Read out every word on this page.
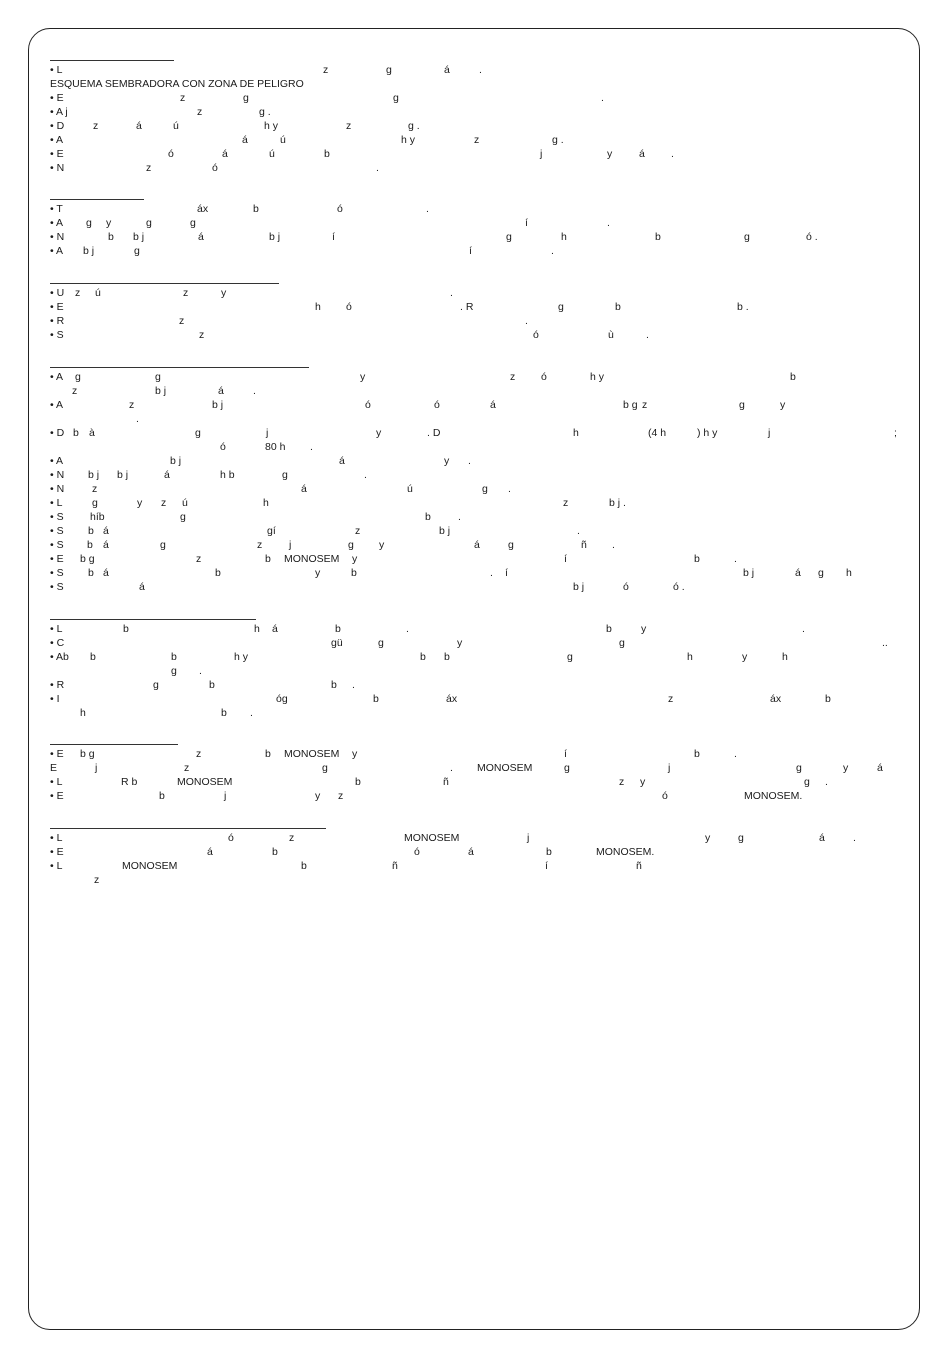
• L	z	g	á	.
ESQUEMA SEMBRADORA CON ZONA DE PELIGRO
• E	z	g	g	.
• A j	z	g .
• D	z	á	ú	h y	z	g .
• A	á	ú	h y	z	g .
• E	ó	á	ú	b	j	y	á .
• N	z	ó	.
• T	áx	b	ó	.
• A g y	g	g	í	.
• N	b b j	á	b j	í	g	h	b	g	ó .
• A b j	g	í	.
• U z ú	z	y	.
• E	h ó	. R	g	b	b .
• R	z	.
• S	z	ó	ù	.
• A g	g	y	z ó	h y	b
z	b j	á	.
• A	z	b j	ó	ó	á	b g z	g	y
.
• D b à	g	j	y	. D	h	(4 h	) h y	j	;
ó	80 h .
• A	b j	á	y .
• N b j b j	á	h b	g	.
• N	z	á	ú	g .
• L	g	y z ú	h	z	b j .
• S	híb	g	b	.
• S b á	gí	z	b j	.
• S b á	g	z	j	g y	á	g	ñ .
• E b g	z	b MONOSEM y	í	b	.
• S b á	b	y	b	í	b j	á g h
.
• S	á	b j	ó	ó .
• L	b	h á	b	.	b	y	.
• C	gü	g	y	g	..
• Ab b	b	h y	b b	g	h	y	h
g .
• R	g	b	b .
• I	óg	b	áx	z	áx	b
h	b .
• E b g	z	b MONOSEM y	í	b	.
E	j	z	g	MONOSEM	g	j	g	y	á
.
• L	R b	MONOSEM	b	ñ	z y	g .
• E	b	j	y z	ó	MONOSEM.
• L	ó	z	MONOSEM	j	y	g	á	.
• E	á	b	ó	á	b	MONOSEM.
• L	MONOSEM	b	ñ	í	ñ
z
